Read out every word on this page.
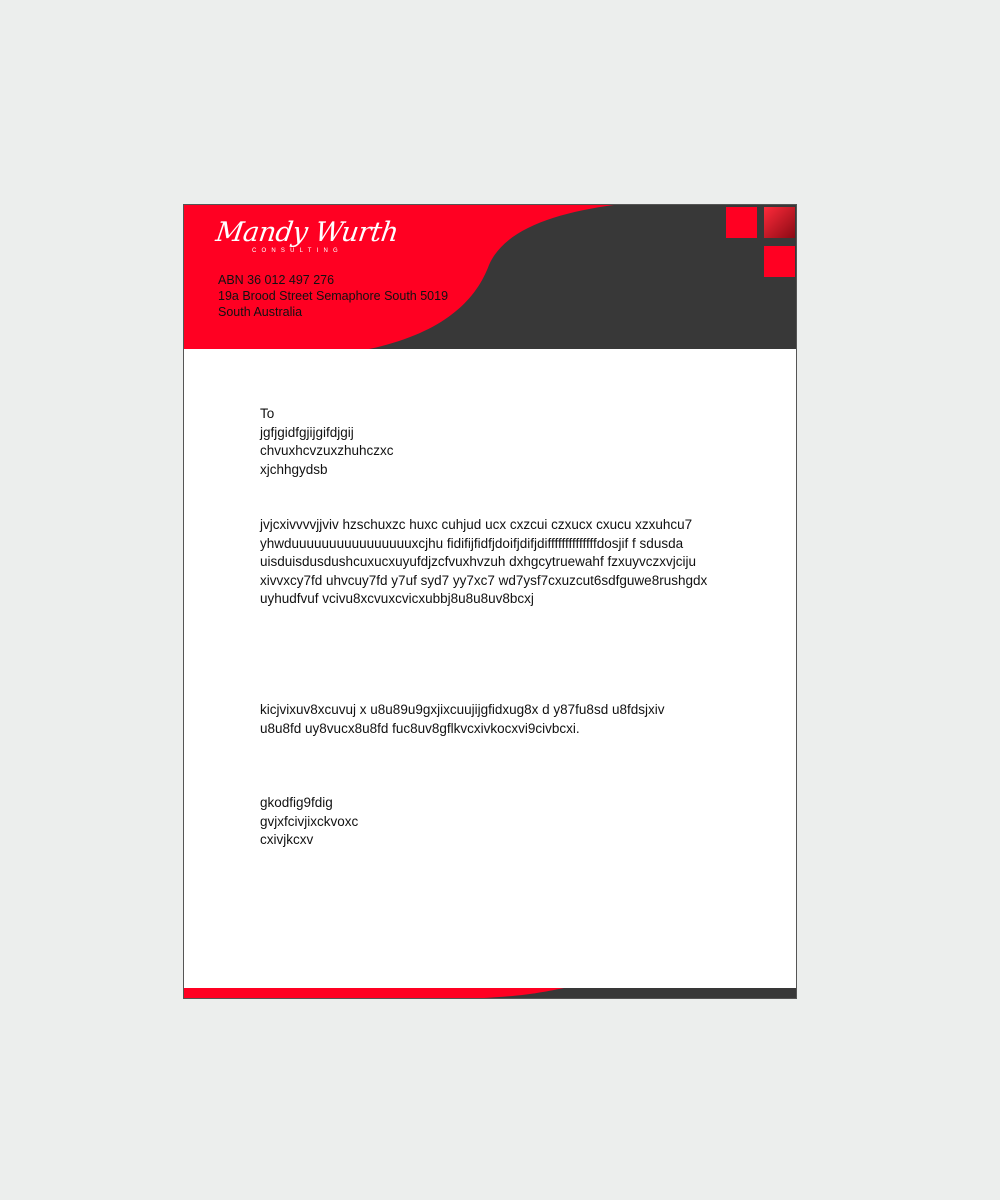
Mandy Wurth
CONSULTING
ABN 36 012 497 276
19a Brood Street Semaphore South 5019
South Australia
To
jgfjgidfgjijgifdjgij
chvuxhcvzuxzhuhczxc
xjchhgydsb
jvjcxivvvvjjviv hzschuxzc huxc cuhjud ucx cxzcui czxucx cxucu xzxuhcu7
yhwduuuuuuuuuuuuuuuuxcjhu fidifijfidfjdoifjdifjdiffffffffffffffdosjif f sdusda
uisduisdusdushcuxucxuyufdjzcfvuxhvzuh dxhgcytruewahf fzxuyvczxvjciju
xivvxcy7fd uhvcuy7fd y7uf syd7 yy7xc7 wd7ysf7cxuzcut6sdfguwe8rushgdx
uyhudfvuf vcivu8xcvuxcvicxubbj8u8u8uv8bcxj
kicjvixuv8xcuvuj x u8u89u9gxjixcuujijgfidxug8x d y87fu8sd u8fdsjxiv
u8u8fd uy8vucx8u8fd fuc8uv8gflkvcxivkocxvi9civbcxi.
gkodfig9fdig
gvjxfcivjixckvoxc
cxivjkcxv
